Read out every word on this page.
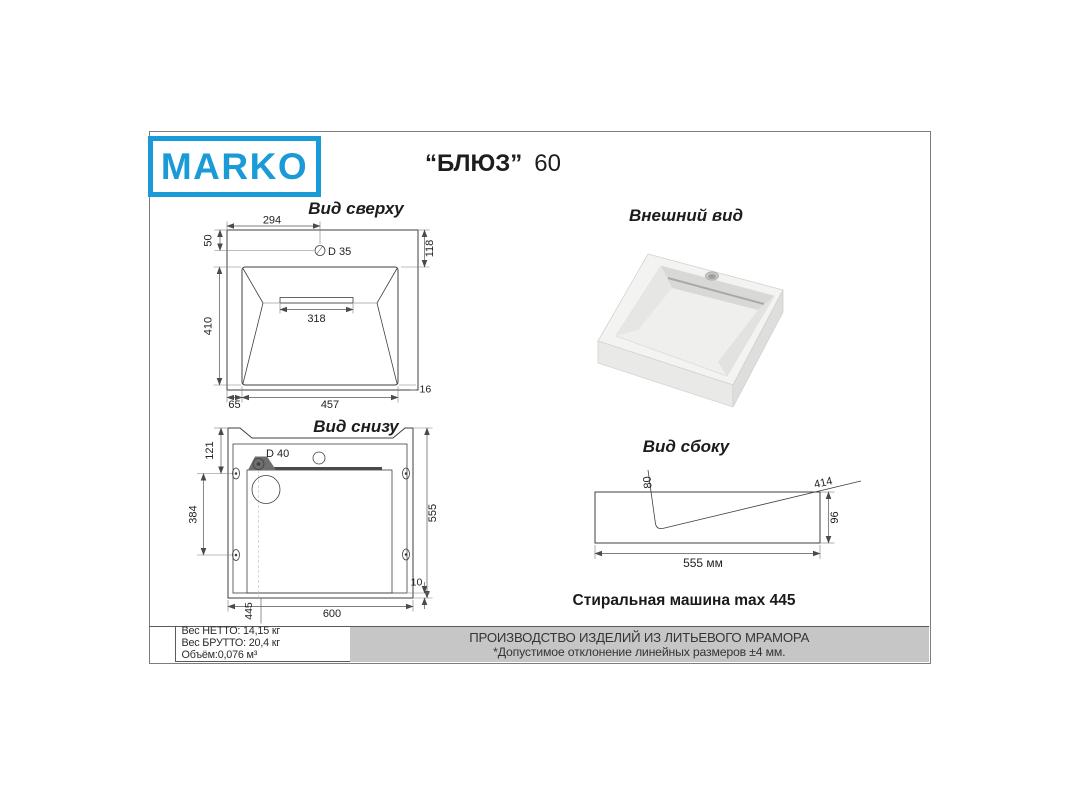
MARKO	“БЛЮЗ” 60
Вид сверху	Внешний вид
Вид снизу
Вид сбоку
294
50
D 35	118
410	318
65	457
16
D 40
121
384	555
10
600
445
80	414
96
555 мм
Стиральная машина max 445
Вес НЕТТО: 14,15 кг
Вес БРУТТО: 20,4 кг
Объём:0,076 м³
ПРОИЗВОДСТВО ИЗДЕЛИЙ ИЗ ЛИТЬЕВОГО МРАМОРА
*Допустимое отклонение линейных размеров ±4 мм.
